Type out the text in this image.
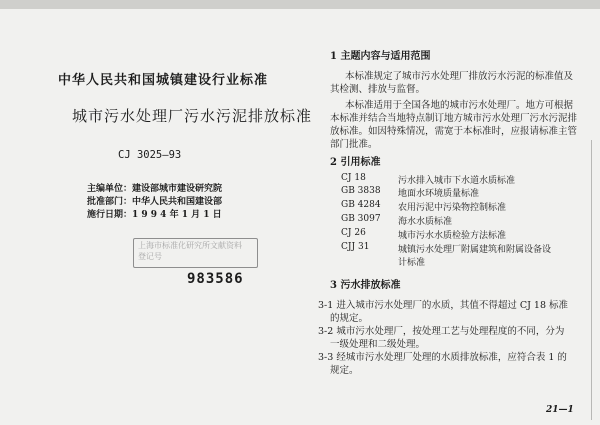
中华人民共和国城镇建设行业标准
城市污水处理厂污水污泥排放标准
CJ 3025—93
主编单位：建设部城市建设研究院
批准部门：中华人民共和国建设部
施行日期：1 9 9 4 年 1 月 1 日
上海市标准化研究所文献资料
登记号
983586
1 主题内容与适用范围
本标准规定了城市污水处理厂排放污水污泥的标准值及
其检测、排放与监督。
本标准适用于全国各地的城市污水处理厂。地方可根据
本标准并结合当地特点制订地方城市污水处理厂污水污泥排
放标准。如因特殊情况，需宽于本标准时，应报请标准主管
部门批准。
2 引用标准
CJ 18	污水排入城市下水道水质标准
GB 3838 地面水环境质量标准
GB 4284 农用污泥中污染物控制标准
GB 3097 海水水质标准
CJ 26	城市污水水质检验方法标准
CJJ 31	城镇污水处理厂附属建筑和附属设备设
计标准
3 污水排放标准
3-1 进入城市污水处理厂的水质，其值不得超过 CJ 18 标准
的规定。
3-2 城市污水处理厂，按处理工艺与处理程度的不同，分为
一级处理和二级处理。
3-3 经城市污水处理厂处理的水质排放标准，应符合表 1 的
规定。
21—1
